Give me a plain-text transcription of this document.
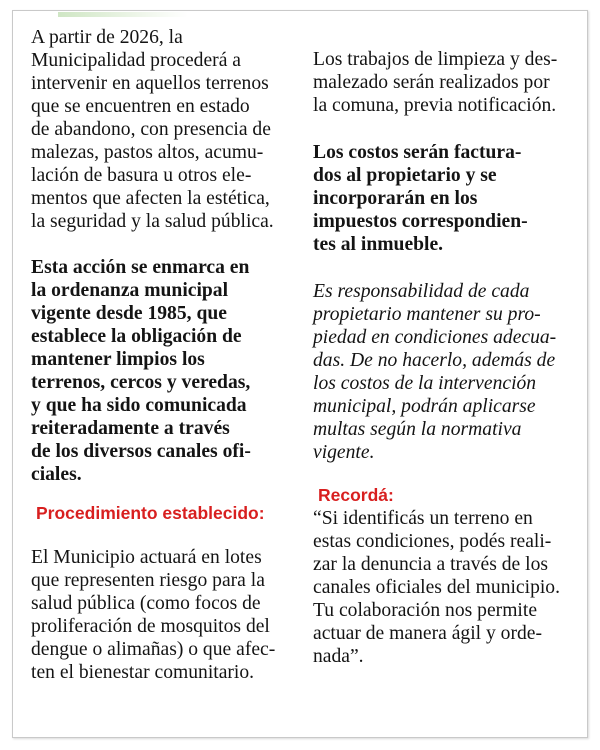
A partir de 2026, la

Municipalidad procederá a

intervenir en aquellos terrenos

que se encuentren en estado

de abandono, con presencia de

malezas, pastos altos, acumu-

lación de basura u otros ele-

mentos que afecten la estética,

la seguridad y la salud pública.

Esta acción se enmarca en

la ordenanza municipal

vigente desde 1985, que

establece la obligación de

mantener limpios los

terrenos, cercos y veredas,

y que ha sido comunicada

reiteradamente a través

de los diversos canales ofi-

ciales.

Procedimiento establecido:

El Municipio actuará en lotes

que representen riesgo para la

salud pública (como focos de

proliferación de mosquitos del

dengue o alimañas) o que afec-

ten el bienestar comunitario.

Los trabajos de limpieza y des-

malezado serán realizados por

la comuna, previa notificación.

Los costos serán factura-

dos al propietario y se

incorporarán en los

impuestos correspondien-

tes al inmueble.

Es responsabilidad de cada

propietario mantener su pro-

piedad en condiciones adecua-

das. De no hacerlo, además de

los costos de la intervención

municipal, podrán aplicarse

multas según la normativa

vigente.

Recordá:

“Si identificás un terreno en

estas condiciones, podés reali-

zar la denuncia a través de los

canales oficiales del municipio.

Tu colaboración nos permite

actuar de manera ágil y orde-

nada”.
